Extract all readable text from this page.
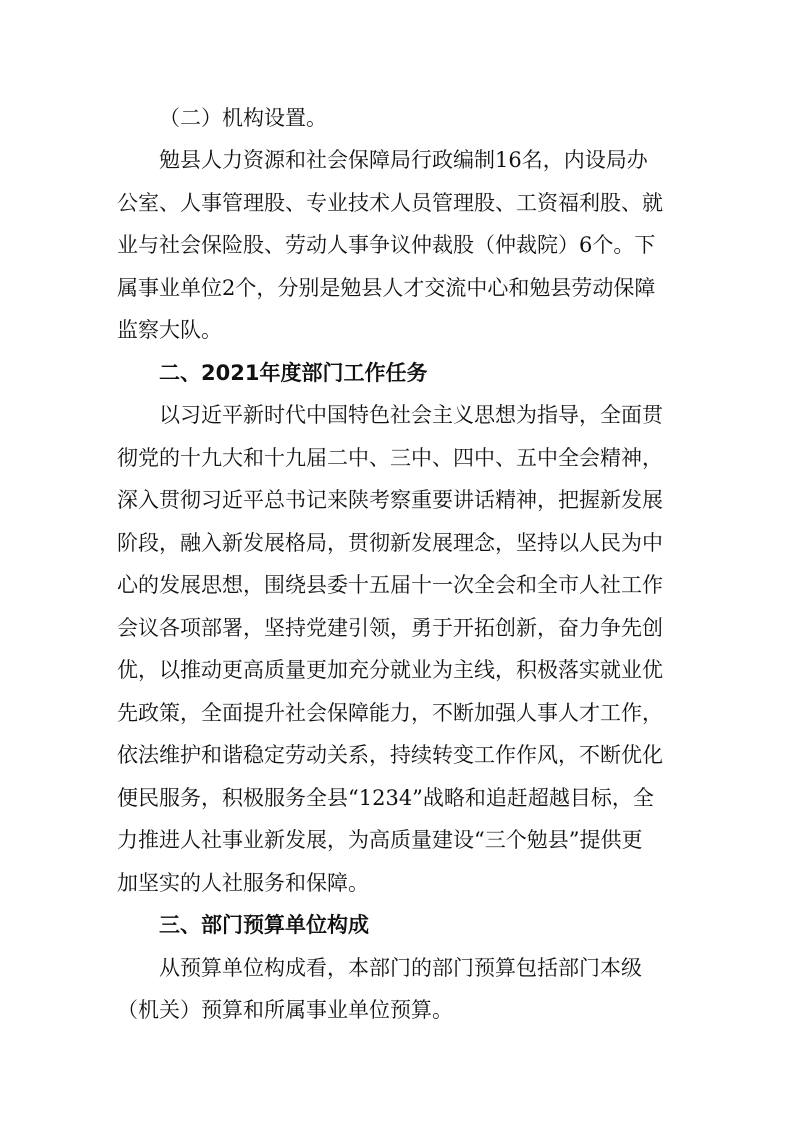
（二）机构设置。
勉县人力资源和社会保障局行政编制16名，内设局办
公室、人事管理股、专业技术人员管理股、工资福利股、就
业与社会保险股、劳动人事争议仲裁股（仲裁院）6个。下
属事业单位2个，分别是勉县人才交流中心和勉县劳动保障
监察大队。
二、2021年度部门工作任务
以习近平新时代中国特色社会主义思想为指导，全面贯
彻党的十九大和十九届二中、三中、四中、五中全会精神，
深入贯彻习近平总书记来陕考察重要讲话精神，把握新发展
阶段，融入新发展格局，贯彻新发展理念，坚持以人民为中
心的发展思想，围绕县委十五届十一次全会和全市人社工作
会议各项部署，坚持党建引领，勇于开拓创新，奋力争先创
优，以推动更高质量更加充分就业为主线，积极落实就业优
先政策，全面提升社会保障能力，不断加强人事人才工作，
依法维护和谐稳定劳动关系，持续转变工作作风，不断优化
便民服务，积极服务全县“1234”战略和追赶超越目标，全
力推进人社事业新发展，为高质量建设“三个勉县”提供更
加坚实的人社服务和保障。
三、部门预算单位构成
从预算单位构成看，本部门的部门预算包括部门本级
（机关）预算和所属事业单位预算。
